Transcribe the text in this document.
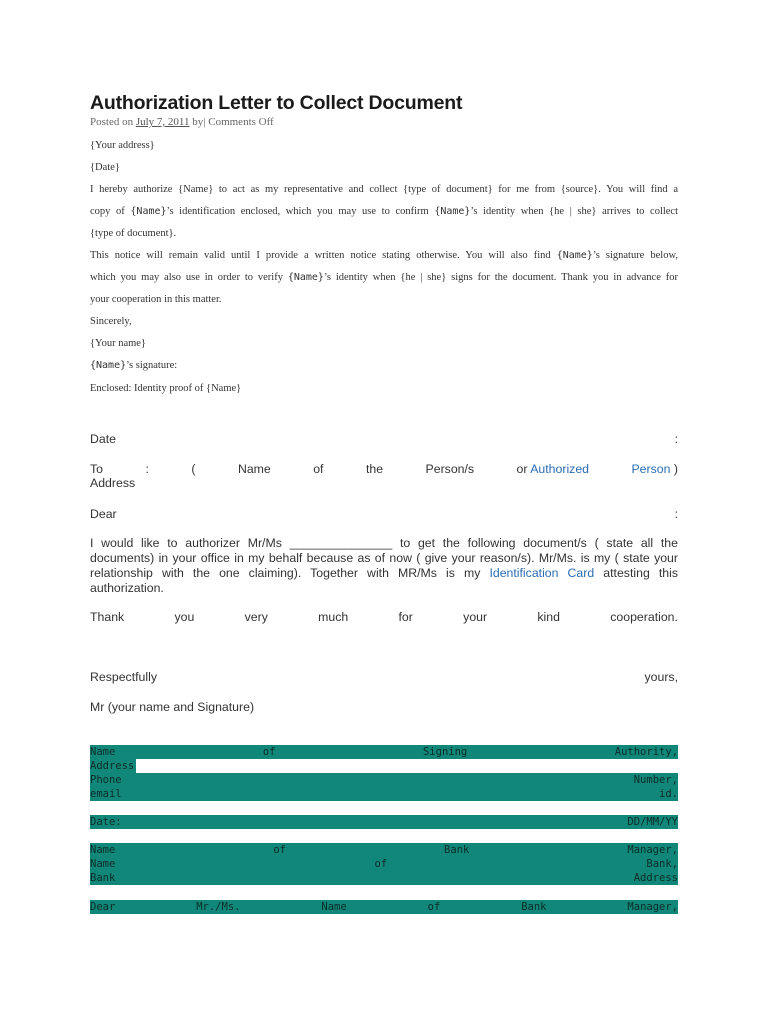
Authorization Letter to Collect Document
Posted on July 7, 2011 by| Comments Off
{Your address}
{Date}
I hereby authorize {Name} to act as my representative and collect {type of document} for me from {source}. You will find a
copy of {Name}’s identification enclosed, which you may use to confirm {Name}’s identity when {he | she} arrives to collect
{type of document}.
This notice will remain valid until I provide a written notice stating otherwise. You will also find {Name}’s signature below,
which you may also use in order to verify {Name}’s identity when {he | she} signs for the document. Thank you in advance for
your cooperation in this matter.
Sincerely,
{Your name}
{Name}’s signature:
Enclosed: Identity proof of {Name}
Date	:
To	:	(	Name	of	the	Person/s	or Authorized	Person )
Address
Dear	:
I would like to authorizer Mr/Ms _______________ to get the following document/s ( state all the documents) in your office in my behalf because as of now ( give your reason/s). Mr/Ms. is my ( state your relationship with the one claiming). Together with MR/Ms is my Identification Card attesting this authorization.
Thank	you	very	much	for	your	kind	cooperation.
Respectfully	yours,
Mr (your name and Signature)
Name	of	Signing	Authority,
Address
Phone	Number,
email	id.
Date:	DD/MM/YY
Name	of	Bank	Manager,
Name	of	Bank,
Bank	Address
Dear	Mr./Ms.	Name	of	Bank	Manager,
